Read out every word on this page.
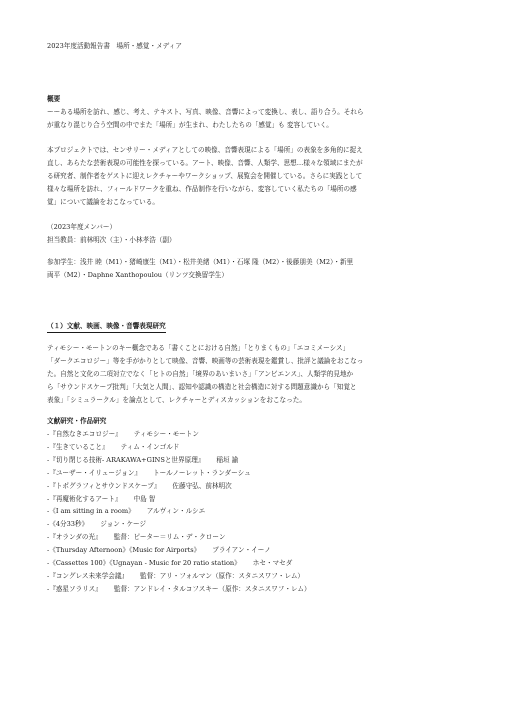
2023年度活動報告書　場所・感覚・メディア

概要

ーーある場所を訪れ、感じ、考え、テキスト、写真、映像、音響によって変換し、表し、語り合う。それら

が重なり混じり合う空間の中でまた「場所」が生まれ、わたしたちの「感覚」も 変容していく。

本プロジェクトでは、センサリー・メディアとしての映像、音響表現による「場所」の表象を多角的に捉え

直し、あらたな芸術表現の可能性を探っている。アート、映像、音響、人類学、思想…様々な領域にまたが

る研究者、制作者をゲストに迎えレクチャーやワークショップ、展覧会を開催している。さらに実践として

様々な場所を訪れ、フィールドワークを重ね、作品制作を行いながら、変容していく私たちの「場所の感

覚」について議論をおこなっている。

（2023年度メンバー）

担当教員：前林明次（主）・小林孝浩（副）

参加学生：浅井 睦（M1）・猪崎康生（M1）・松井美緒（M1）・石塚 隆（M2）・後藤朋美（M2）・新里

両平（M2）・Daphne Xanthopoulou（リンツ交換留学生）

（１）文献、映画、映像・音響表現研究

ティモシー・モートンのキー概念である「書くことにおける自然」「とりまくもの」「エコミメーシス」

「ダークエコロジー」等を手がかりとして映像、音響、映画等の芸術表現を鑑賞し、批評と議論をおこなっ

た。自然と文化の二項対立でなく「ヒトの自然」「境界のあいまいさ」「アンビエンス」、人類学的見地か

ら「サウンドスケープ批判」「大気と人間」、認知や認識の構造と社会構造に対する問題意識から「知覚と

表象」「シミュラークル」を論点として、レクチャーとディスカッションをおこなった。

文献研究・作品研究

-『自然なきエコロジー』 ティモシー・モートン
-『生きていること』 ティム・インゴルド
-『切り閉じる技術- ARAKAWA+GINSと世界原理』 稲垣 諭
-『ユーザー・イリュージョン』 トールノーレット・ランダーシュ
-『トポグラフィとサウンドスケープ』 佐藤守弘、前林明次
-『再魔術化するアート』 中島 智
-《I am sitting in a room》 アルヴィン・ルシエ
-《4分33秒》 ジョン・ケージ
-『オランダの光』 監督：ピーター＝リム・デ・クローン
-《Thursday Afternoon》《Music for Airports》 ブライアン・イーノ
-《Cassettes 100》《Ugnayan - Music for 20 ratio station》 ホセ・マセダ
-『コングレス未来学会議』 監督：アリ・フォルマン（原作：スタニスワフ・レム）
-『惑星ソラリス』 監督：アンドレイ・タルコフスキー（原作：スタニスワフ・レム）
